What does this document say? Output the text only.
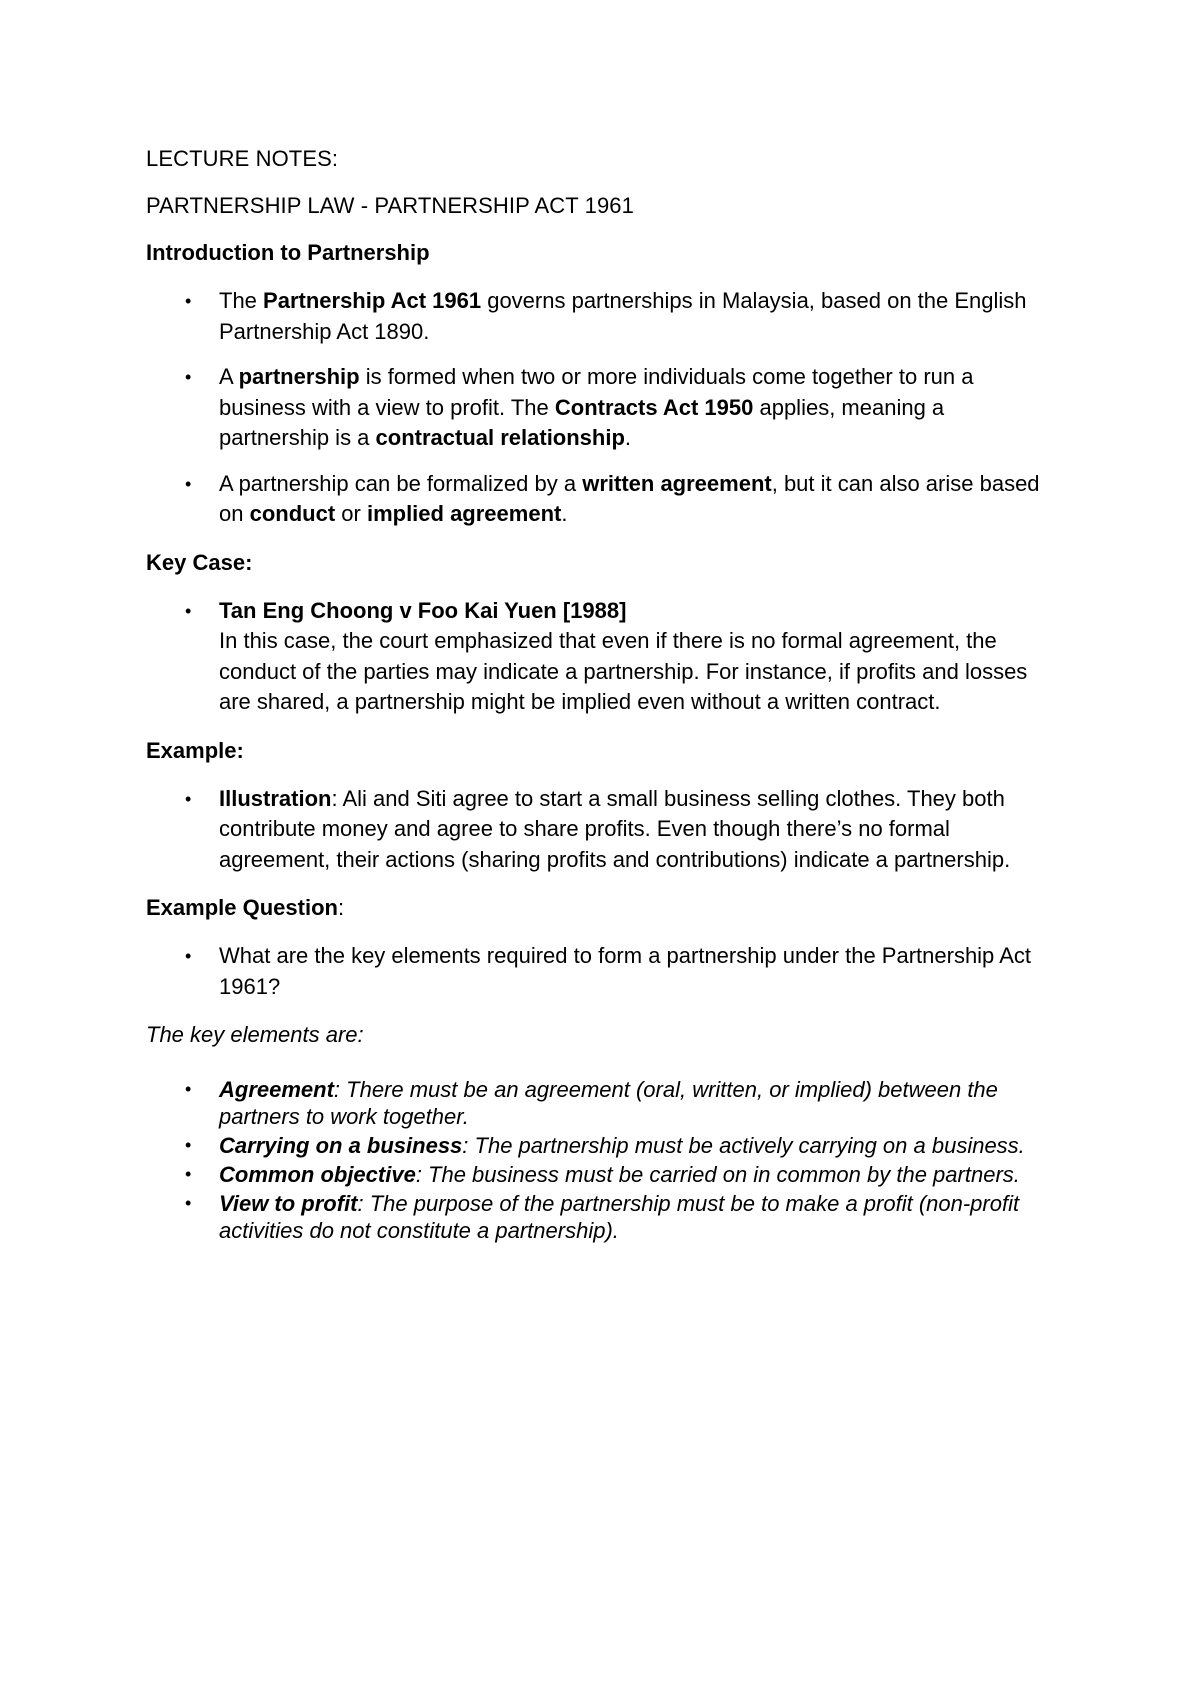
LECTURE NOTES:

PARTNERSHIP LAW - PARTNERSHIP ACT 1961

Introduction to Partnership

• The Partnership Act 1961 governs partnerships in Malaysia, based on the English Partnership Act 1890.
• A partnership is formed when two or more individuals come together to run a business with a view to profit. The Contracts Act 1950 applies, meaning a partnership is a contractual relationship.
• A partnership can be formalized by a written agreement, but it can also arise based on conduct or implied agreement.

Key Case:

• Tan Eng Choong v Foo Kai Yuen [1988]
In this case, the court emphasized that even if there is no formal agreement, the conduct of the parties may indicate a partnership. For instance, if profits and losses are shared, a partnership might be implied even without a written contract.

Example:

• Illustration: Ali and Siti agree to start a small business selling clothes. They both contribute money and agree to share profits. Even though there’s no formal agreement, their actions (sharing profits and contributions) indicate a partnership.

Example Question:

• What are the key elements required to form a partnership under the Partnership Act 1961?

The key elements are:

• Agreement: There must be an agreement (oral, written, or implied) between the partners to work together.
• Carrying on a business: The partnership must be actively carrying on a business.
• Common objective: The business must be carried on in common by the partners.
• View to profit: The purpose of the partnership must be to make a profit (non-profit activities do not constitute a partnership).
